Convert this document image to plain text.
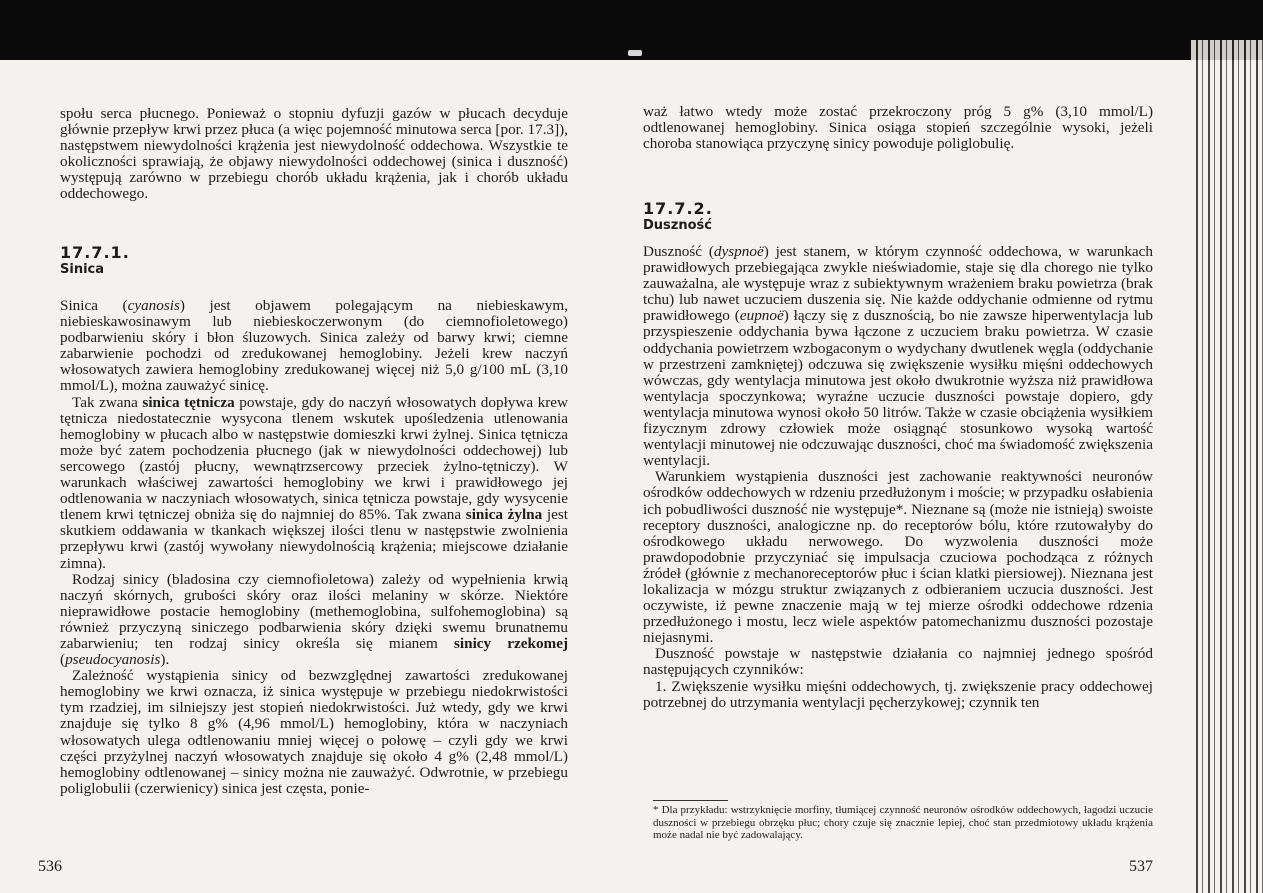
społu serca płucnego. Ponieważ o stopniu dyfuzji gazów w płucach decyduje głównie przepływ krwi przez płuca (a więc pojemność minutowa serca [por. 17.3]), następstwem niewydolności krążenia jest niewydolność oddechowa. Wszystkie te okoliczności sprawiają, że objawy niewydolności oddechowej (sinica i duszność) występują zarówno w przebiegu chorób układu krążenia, jak i chorób układu oddechowego.

17.7.1.
Sinica

Sinica (cyanosis) jest objawem polegającym na niebieskawym, niebieskawosinawym lub niebieskoczerwonym (do ciemnofioletowego) podbarwieniu skóry i błon śluzowych. Sinica zależy od barwy krwi; ciemne zabarwienie pochodzi od zredukowanej hemoglobiny. Jeżeli krew naczyń włosowatych zawiera hemoglobiny zredukowanej więcej niż 5,0 g/100 mL (3,10 mmol/L), można zauważyć sinicę.

Tak zwana sinica tętnicza powstaje, gdy do naczyń włosowatych dopływa krew tętnicza niedostatecznie wysycona tlenem wskutek upośledzenia utlenowania hemoglobiny w płucach albo w następstwie domieszki krwi żylnej. Sinica tętnicza może być zatem pochodzenia płucnego (jak w niewydolności oddechowej) lub sercowego (zastój płucny, wewnątrzsercowy przeciek żylno-tętniczy). W warunkach właściwej zawartości hemoglobiny we krwi i prawidłowego jej odtlenowania w naczyniach włosowatych, sinica tętnicza powstaje, gdy wysycenie tlenem krwi tętniczej obniża się do najmniej do 85%. Tak zwana sinica żylna jest skutkiem oddawania w tkankach większej ilości tlenu w następstwie zwolnienia przepływu krwi (zastój wywołany niewydolnością krążenia; miejscowe działanie zimna).

Rodzaj sinicy (bladosina czy ciemnofioletowa) zależy od wypełnienia krwią naczyń skórnych, grubości skóry oraz ilości melaniny w skórze. Niektóre nieprawidłowe postacie hemoglobiny (methemoglobina, sulfohemoglobina) są również przyczyną siniczego podbarwienia skóry dzięki swemu brunatnemu zabarwieniu; ten rodzaj sinicy określa się mianem sinicy rzekomej (pseudocyanosis).

Zależność wystąpienia sinicy od bezwzględnej zawartości zredukowanej hemoglobiny we krwi oznacza, iż sinica występuje w przebiegu niedokrwistości tym rzadziej, im silniejszy jest stopień niedokrwistości. Już wtedy, gdy we krwi znajduje się tylko 8 g% (4,96 mmol/L) hemoglobiny, która w naczyniach włosowatych ulega odtlenowaniu mniej więcej o połowę – czyli gdy we krwi części przyżylnej naczyń włosowatych znajduje się około 4 g% (2,48 mmol/L) hemoglobiny odtlenowanej – sinicy można nie zauważyć. Odwrotnie, w przebiegu poliglobulii (czerwienicy) sinica jest częsta, ponie-

536

waż łatwo wtedy może zostać przekroczony próg 5 g% (3,10 mmol/L) odtlenowanej hemoglobiny. Sinica osiąga stopień szczególnie wysoki, jeżeli choroba stanowiąca przyczynę sinicy powoduje poliglobulię.

17.7.2.
Duszność

Duszność (dyspnoë) jest stanem, w którym czynność oddechowa, w warunkach prawidłowych przebiegająca zwykle nieświadomie, staje się dla chorego nie tylko zauważalna, ale występuje wraz z subiektywnym wrażeniem braku powietrza (brak tchu) lub nawet uczuciem duszenia się. Nie każde oddychanie odmienne od rytmu prawidłowego (eupnoë) łączy się z dusznością, bo nie zawsze hiperwentylacja lub przyspieszenie oddychania bywa łączone z uczuciem braku powietrza. W czasie oddychania powietrzem wzbogaconym o wydychany dwutlenek węgla (oddychanie w przestrzeni zamkniętej) odczuwa się zwiększenie wysiłku mięśni oddechowych wówczas, gdy wentylacja minutowa jest około dwukrotnie wyższa niż prawidłowa wentylacja spoczynkowa; wyraźne uczucie duszności powstaje dopiero, gdy wentylacja minutowa wynosi około 50 litrów. Także w czasie obciążenia wysiłkiem fizycznym zdrowy człowiek może osiągnąć stosunkowo wysoką wartość wentylacji minutowej nie odczuwając duszności, choć ma świadomość zwiększenia wentylacji.

Warunkiem wystąpienia duszności jest zachowanie reaktywności neuronów ośrodków oddechowych w rdzeniu przedłużonym i moście; w przypadku osłabienia ich pobudliwości duszność nie występuje*. Nieznane są (może nie istnieją) swoiste receptory duszności, analogiczne np. do receptorów bólu, które rzutowałyby do ośrodkowego układu nerwowego. Do wyzwolenia duszności może prawdopodobnie przyczyniać się impulsacja czuciowa pochodząca z różnych źródeł (głównie z mechanoreceptorów płuc i ścian klatki piersiowej). Nieznana jest lokalizacja w mózgu struktur związanych z odbieraniem uczucia duszności. Jest oczywiste, iż pewne znaczenie mają w tej mierze ośrodki oddechowe rdzenia przedłużonego i mostu, lecz wiele aspektów patomechanizmu duszności pozostaje niejasnymi.

Duszność powstaje w następstwie działania co najmniej jednego spośród następujących czynników:

1. Zwiększenie wysiłku mięśni oddechowych, tj. zwiększenie pracy oddechowej potrzebnej do utrzymania wentylacji pęcherzykowej; czynnik ten

537
* Dla przykładu: wstrzyknięcie morfiny, tłumiącej czynność neuronów ośrodków oddechowych, łagodzi uczucie duszności w przebiegu obrzęku płuc; chory czuje się znacznie lepiej, choć stan przedmiotowy układu krążenia może nadal nie być zadowalający.
